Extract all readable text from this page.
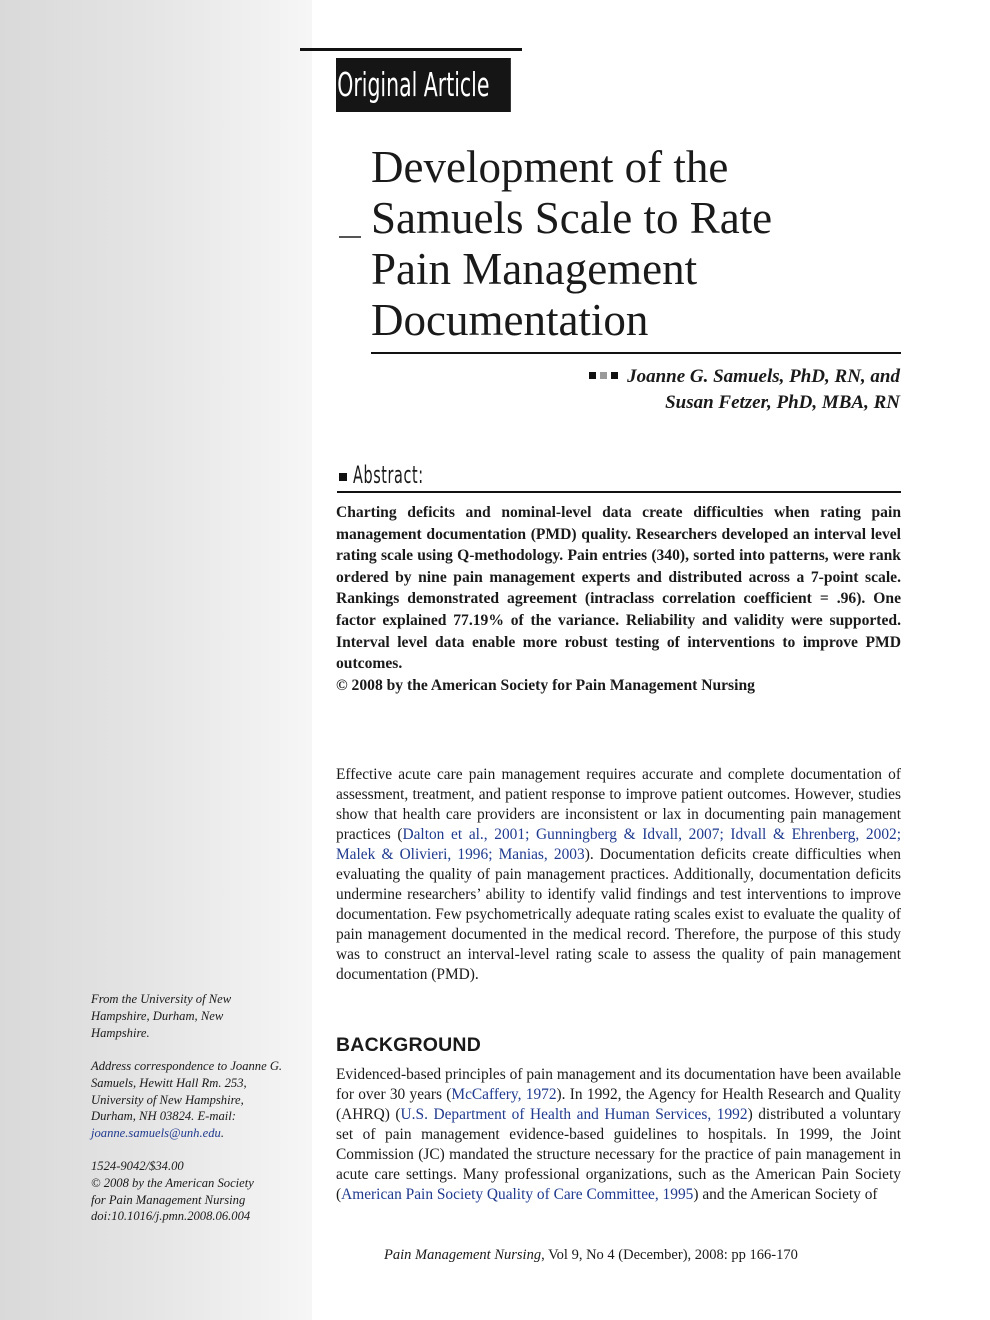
Original Article
Development of the
Samuels Scale to Rate
Pain Management
Documentation
Joanne G. Samuels, PhD, RN, and
Susan Fetzer, PhD, MBA, RN
Abstract:
Charting deficits and nominal-level data create difficulties when rating pain management documentation (PMD) quality. Researchers developed an interval level rating scale using Q-methodology. Pain entries (340), sorted into patterns, were rank ordered by nine pain management experts and distributed across a 7-point scale. Rankings demonstrated agreement (intraclass correlation coefficient = .96). One factor explained 77.19% of the variance. Reliability and validity were supported. Interval level data enable more robust testing of interventions to improve PMD outcomes.
© 2008 by the American Society for Pain Management Nursing

Effective acute care pain management requires accurate and complete documentation of assessment, treatment, and patient response to improve patient outcomes. However, studies show that health care providers are inconsistent or lax in documenting pain management practices (Dalton et al., 2001; Gunningberg & Idvall, 2007; Idvall & Ehrenberg, 2002; Malek & Olivieri, 1996; Manias, 2003). Documentation deficits create difficulties when evaluating the quality of pain management practices. Additionally, documentation deficits undermine researchers’ ability to identify valid findings and test interventions to improve documentation. Few psychometrically adequate rating scales exist to evaluate the quality of pain management documented in the medical record. Therefore, the purpose of this study was to construct an interval-level rating scale to assess the quality of pain management documentation (PMD).

BACKGROUND

Evidenced-based principles of pain management and its documentation have been available for over 30 years (McCaffery, 1972). In 1992, the Agency for Health Research and Quality (AHRQ) (U.S. Department of Health and Human Services, 1992) distributed a voluntary set of pain management evidence-based guidelines to hospitals. In 1999, the Joint Commission (JC) mandated the structure necessary for the practice of pain management in acute care settings. Many professional organizations, such as the American Pain Society (American Pain Society Quality of Care Committee, 1995) and the American Society of

From the University of New
Hampshire, Durham, New
Hampshire.
Address correspondence to Joanne G.
Samuels, Hewitt Hall Rm. 253,
University of New Hampshire,
Durham, NH 03824. E-mail:
joanne.samuels@unh.edu.
1524-9042/$34.00
© 2008 by the American Society
for Pain Management Nursing
doi:10.1016/j.pmn.2008.06.004
Pain Management Nursing, Vol 9, No 4 (December), 2008: pp 166-170
